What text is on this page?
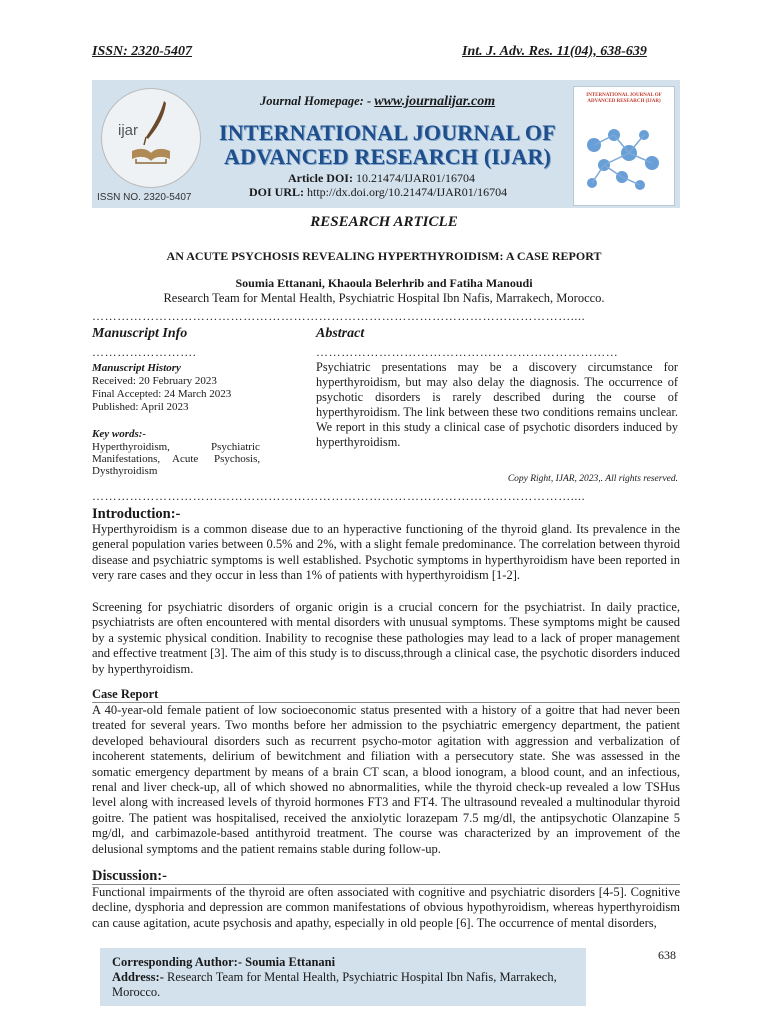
ISSN: 2320-5407	Int. J. Adv. Res. 11(04), 638-639
ijar
ISSN NO. 2320-5407
Journal Homepage: - www.journalijar.com
INTERNATIONAL JOURNAL OF
ADVANCED RESEARCH (IJAR)
Article DOI: 10.21474/IJAR01/16704
DOI URL: http://dx.doi.org/10.21474/IJAR01/16704
INTERNATIONAL JOURNAL OF ADVANCED RESEARCH (IJAR)
RESEARCH ARTICLE
AN ACUTE PSYCHOSIS REVEALING HYPERTHYROIDISM: A CASE REPORT
Soumia Ettanani, Khaoula Belerhrib and Fatiha Manoudi
Research Team for Mental Health, Psychiatric Hospital Ibn Nafis, Marrakech, Morocco.
……………………………………………………………………………………………………....
Manuscript Info
…………………….
Manuscript History
Received: 20 February 2023
Final Accepted: 24 March 2023
Published: April 2023
Key words:-
Hyperthyroidism,	Psychiatric
Manifestations, Acute Psychosis,
Dysthyroidism
Abstract
………………………………………………………………
Psychiatric presentations may be a discovery circumstance for hyperthyroidism, but may also delay the diagnosis. The occurrence of psychotic disorders is rarely described during the course of hyperthyroidism. The link between these two conditions remains unclear. We report in this study a clinical case of psychotic disorders induced by hyperthyroidism.
Copy Right, IJAR, 2023,. All rights reserved.
……………………………………………………………………………………………………....
Introduction:-
Hyperthyroidism is a common disease due to an hyperactive functioning of the thyroid gland. Its prevalence in the general population varies between 0.5% and 2%, with a slight female predominance. The correlation between thyroid disease and psychiatric symptoms is well established. Psychotic symptoms in hyperthyroidism have been reported in very rare cases and they occur in less than 1% of patients with hyperthyroidism [1-2].
Screening for psychiatric disorders of organic origin is a crucial concern for the psychiatrist. In daily practice, psychiatrists are often encountered with mental disorders with unusual symptoms. These symptoms might be caused by a systemic physical condition. Inability to recognise these pathologies may lead to a lack of proper management and effective treatment [3]. The aim of this study is to discuss,through a clinical case, the psychotic disorders induced by hyperthyroidism.
Case Report
A 40-year-old female patient of low socioeconomic status presented with a history of a goitre that had never been treated for several years. Two months before her admission to the psychiatric emergency department, the patient developed behavioural disorders such as recurrent psycho-motor agitation with aggression and verbalization of incoherent statements, delirium of bewitchment and filiation with a persecutory state. She was assessed in the somatic emergency department by means of a brain CT scan, a blood ionogram, a blood count, and an infectious, renal and liver check-up, all of which showed no abnormalities, while the thyroid check-up revealed a low TSHus level along with increased levels of thyroid hormones FT3 and FT4. The ultrasound revealed a multinodular thyroid goitre. The patient was hospitalised, received the anxiolytic lorazepam 7.5 mg/dl, the antipsychotic Olanzapine 5 mg/dl, and carbimazole-based antithyroid treatment. The course was characterized by an improvement of the delusional symptoms and the patient remains stable during follow-up.
Discussion:-
Functional impairments of the thyroid are often associated with cognitive and psychiatric disorders [4-5]. Cognitive decline, dysphoria and depression are common manifestations of obvious hypothyroidism, whereas hyperthyroidism can cause agitation, acute psychosis and apathy, especially in old people [6]. The occurrence of mental disorders,
638
Corresponding Author:- Soumia Ettanani
Address:- Research Team for Mental Health, Psychiatric Hospital Ibn Nafis, Marrakech, Morocco.
